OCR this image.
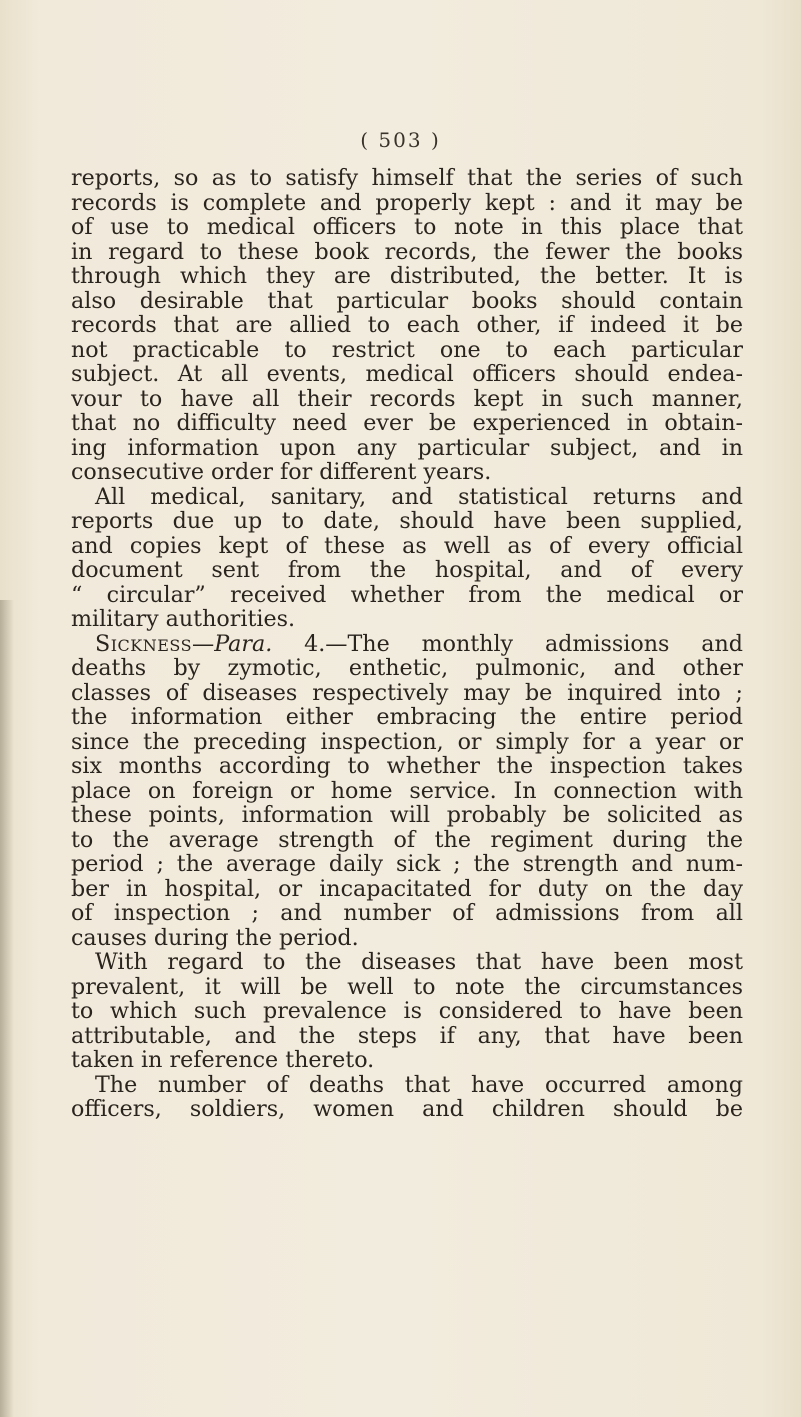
( 503 )
reports, so as to satisfy himself that the series of such
records is complete and properly kept : and it may be
of use to medical officers to note in this place that
in regard to these book records, the fewer the books
through which they are distributed, the better. It is
also desirable that particular books should contain
records that are allied to each other, if indeed it be
not practicable to restrict one to each particular
subject. At all events, medical officers should endea-
vour to have all their records kept in such manner,
that no difficulty need ever be experienced in obtain-
ing information upon any particular subject, and in
consecutive order for different years.
All medical, sanitary, and statistical returns and
reports due up to date, should have been supplied,
and copies kept of these as well as of every official
document sent from the hospital, and of every
“ circular” received whether from the medical or
military authorities.
Sickness—Para. 4.—The monthly admissions and
deaths by zymotic, enthetic, pulmonic, and other
classes of diseases respectively may be inquired into ;
the information either embracing the entire period
since the preceding inspection, or simply for a year or
six months according to whether the inspection takes
place on foreign or home service. In connection with
these points, information will probably be solicited as
to the average strength of the regiment during the
period ; the average daily sick ; the strength and num-
ber in hospital, or incapacitated for duty on the day
of inspection ; and number of admissions from all
causes during the period.
With regard to the diseases that have been most
prevalent, it will be well to note the circumstances
to which such prevalence is considered to have been
attributable, and the steps if any, that have been
taken in reference thereto.
The number of deaths that have occurred among
officers, soldiers, women and children should be
